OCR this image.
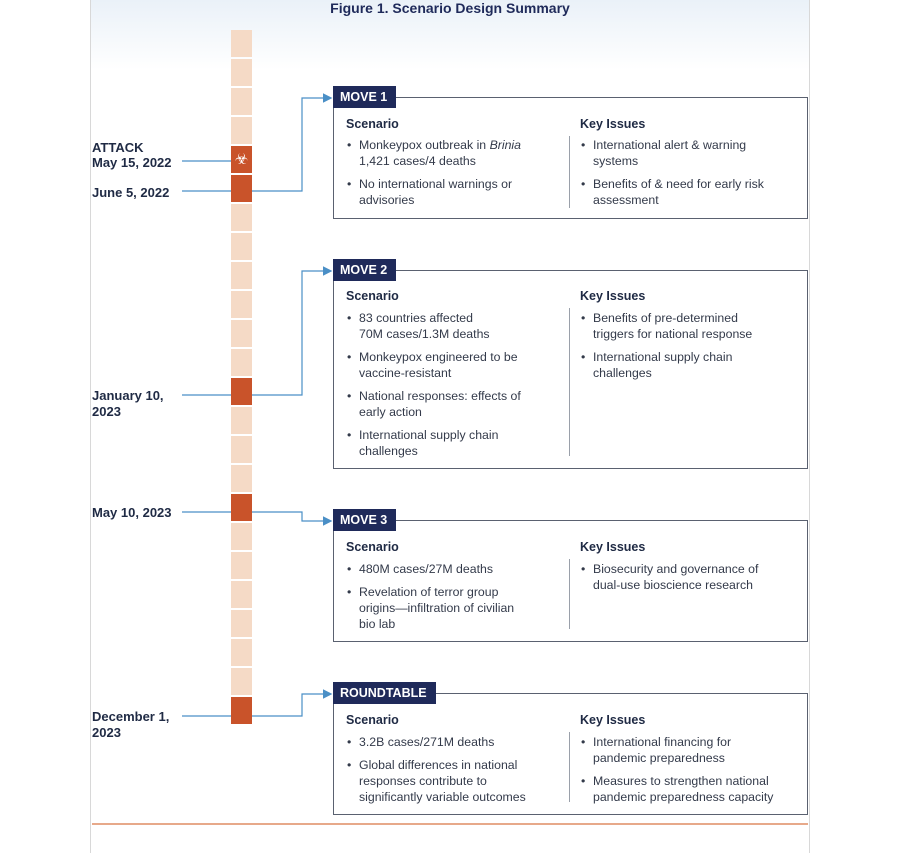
Figure 1. Scenario Design Summary
☣
ATTACK
May 15, 2022
June 5, 2022
January 10, 2023
May 10, 2023
December 1, 2023
MOVE 1
Scenario	Key Issues
• Monkeypox outbreak in Brinia
1,421 cases/4 deaths
• No international warnings or
advisories
• International alert & warning
systems
• Benefits of & need for early risk
assessment
MOVE 2
Scenario	Key Issues
• 83 countries affected
70M cases/1.3M deaths
• Monkeypox engineered to be
vaccine-resistant
• National responses: effects of
early action
• International supply chain
challenges
• Benefits of pre-determined
triggers for national response
• International supply chain
challenges
MOVE 3
Scenario	Key Issues
• 480M cases/27M deaths
• Revelation of terror group
origins—infiltration of civilian
bio lab
• Biosecurity and governance of
dual-use bioscience research
ROUNDTABLE
Scenario	Key Issues
• 3.2B cases/271M deaths
• Global differences in national
responses contribute to
significantly variable outcomes
• International financing for
pandemic preparedness
• Measures to strengthen national
pandemic preparedness capacity
